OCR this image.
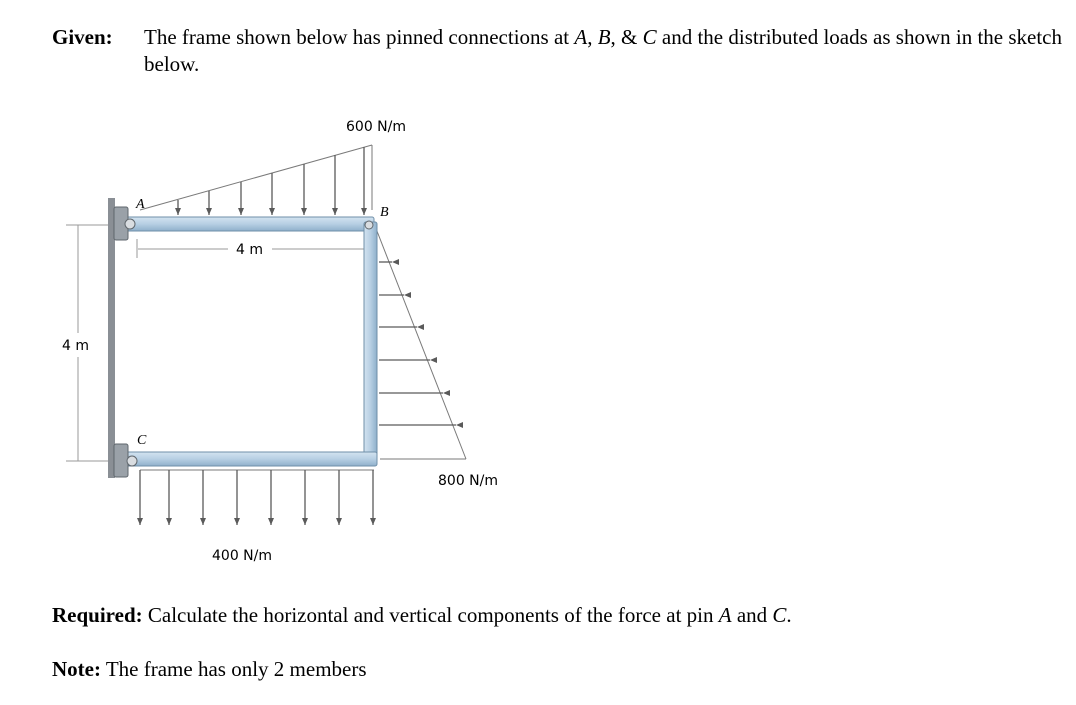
Given: The frame shown below has pinned connections at A, B, & C and the distributed loads as shown in the sketch below.
600 N/m
800 N/m
400 N/m
4 m
4 m
A
B
C
Required: Calculate the horizontal and vertical components of the force at pin A and C.
Note: The frame has only 2 members
